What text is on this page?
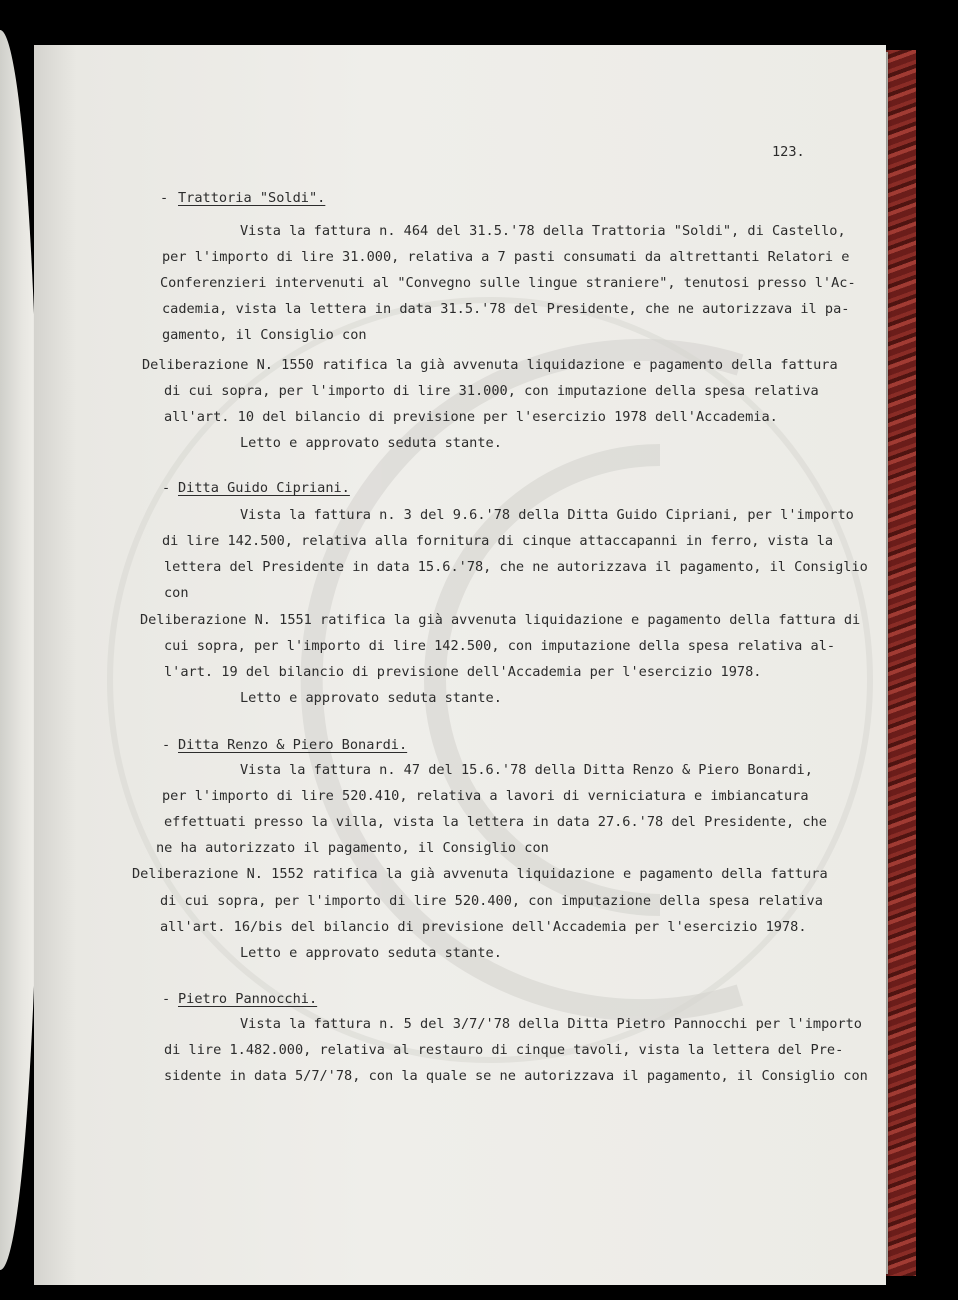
123.
- Trattoria "Soldi".
Vista la fattura n. 464 del 31.5.'78 della Trattoria "Soldi", di Castello,
per l'importo di lire 31.000, relativa a 7 pasti consumati da altrettanti Relatori e
Conferenzieri intervenuti al "Convegno sulle lingue straniere", tenutosi presso l'Ac-
cademia, vista la lettera in data 31.5.'78 del Presidente, che ne autorizzava il pa-
gamento, il Consiglio con
Deliberazione N. 1550 ratifica la già avvenuta liquidazione e pagamento della fattura
di cui sopra, per l'importo di lire 31.000, con imputazione della spesa relativa
all'art. 10 del bilancio di previsione per l'esercizio 1978 dell'Accademia.
Letto e approvato seduta stante.
- Ditta Guido Cipriani.
Vista la fattura n. 3 del 9.6.'78 della Ditta Guido Cipriani, per l'importo
di lire 142.500, relativa alla fornitura di cinque attaccapanni in ferro, vista la
lettera del Presidente in data 15.6.'78, che ne autorizzava il pagamento, il Consiglio
con
Deliberazione N. 1551 ratifica la già avvenuta liquidazione e pagamento della fattura di
cui sopra, per l'importo di lire 142.500, con imputazione della spesa relativa al-
l'art. 19 del bilancio di previsione dell'Accademia per l'esercizio 1978.
Letto e approvato seduta stante.
- Ditta Renzo & Piero Bonardi.
Vista la fattura n. 47 del 15.6.'78 della Ditta Renzo & Piero Bonardi,
per l'importo di lire 520.410, relativa a lavori di verniciatura e imbiancatura
effettuati presso la villa, vista la lettera in data 27.6.'78 del Presidente, che
ne ha autorizzato il pagamento, il Consiglio con
Deliberazione N. 1552 ratifica la già avvenuta liquidazione e pagamento della fattura
di cui sopra, per l'importo di lire 520.400, con imputazione della spesa relativa
all'art. 16/bis del bilancio di previsione dell'Accademia per l'esercizio 1978.
Letto e approvato seduta stante.
- Pietro Pannocchi.
Vista la fattura n. 5 del 3/7/'78 della Ditta Pietro Pannocchi per l'importo
di lire 1.482.000, relativa al restauro di cinque tavoli, vista la lettera del Pre-
sidente in data 5/7/'78, con la quale se ne autorizzava il pagamento, il Consiglio con
